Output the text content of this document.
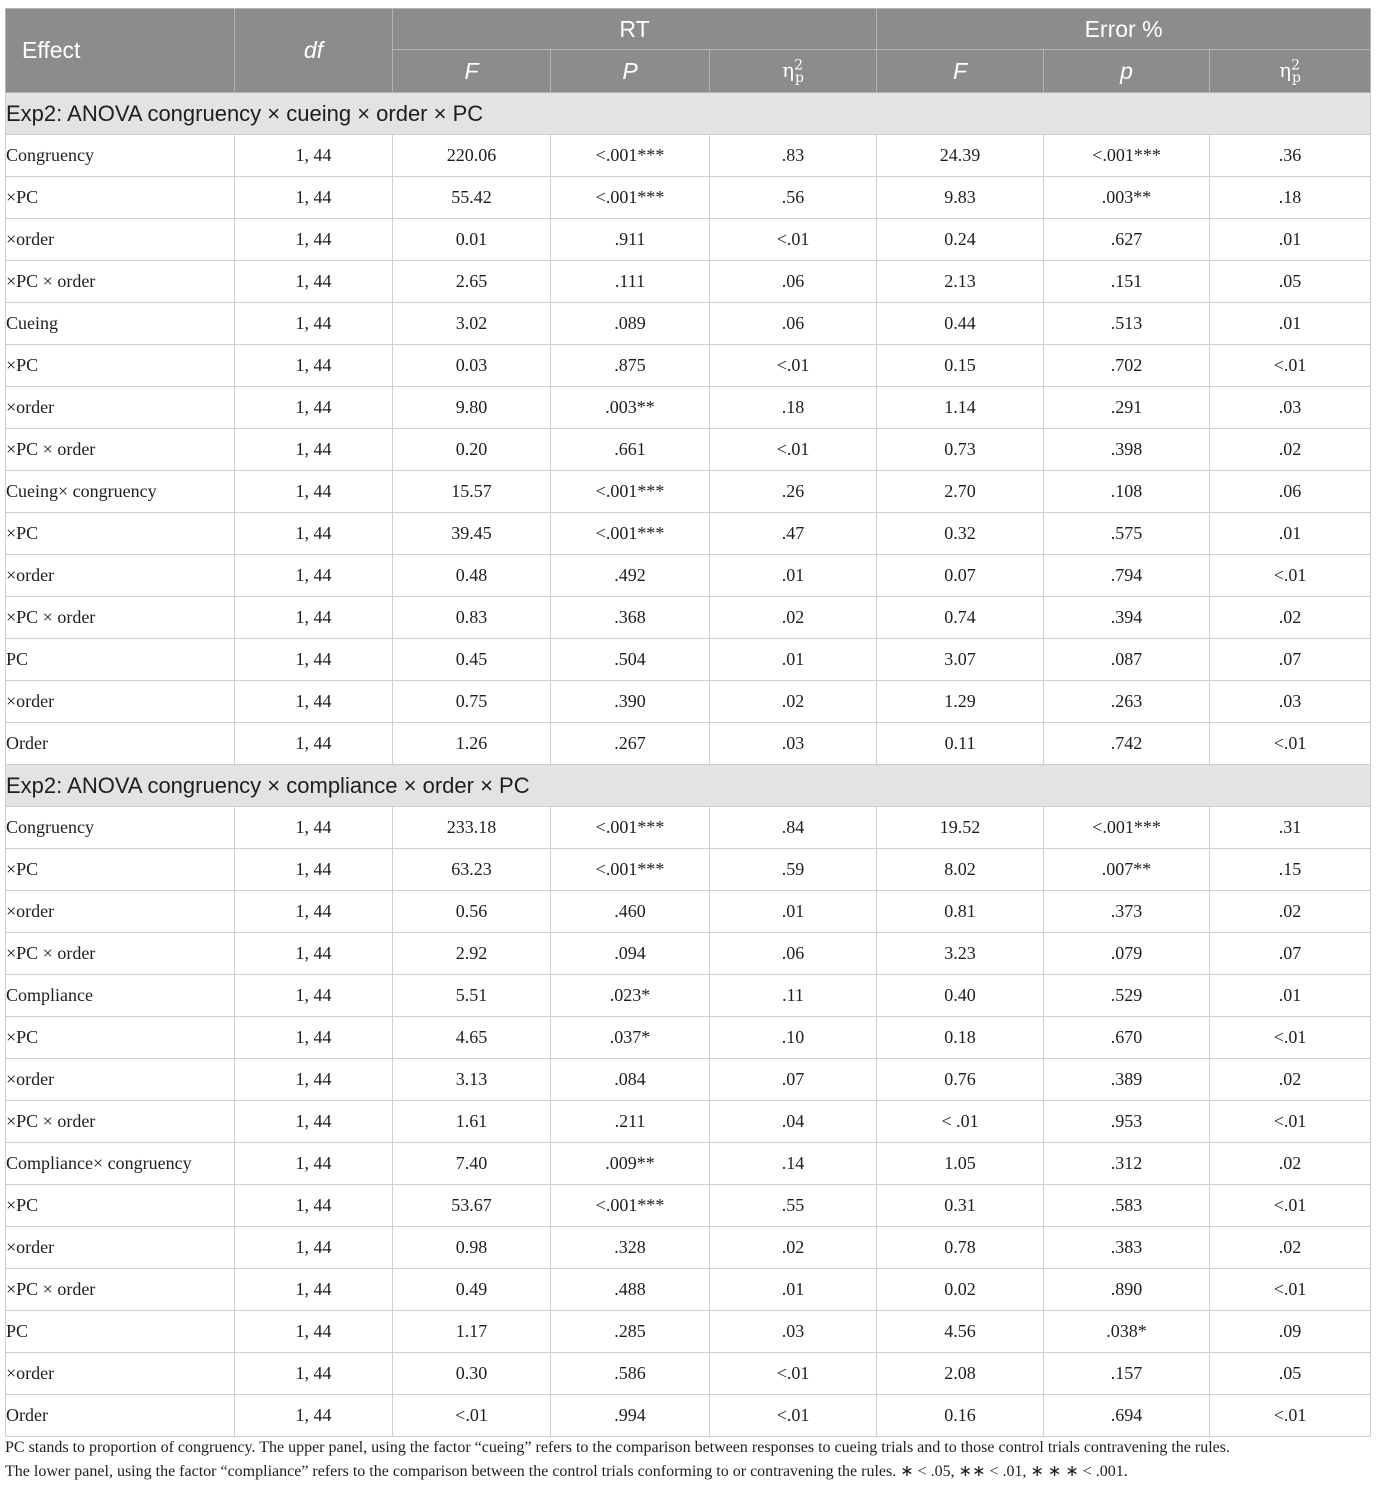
Effect	df	RT			Error %		
		F	P	$\eta^2_p$	F	p	$\eta^2_p$
Exp2: ANOVA congruency × cueing × order × PC							
Congruency	1, 44	220.06	<.001***	.83	24.39	<.001***	.36
×PC	1, 44	55.42	<.001***	.56	9.83	.003**	.18
×order	1, 44	0.01	.911	<.01	0.24	.627	.01
×PC × order	1, 44	2.65	.111	.06	2.13	.151	.05
Cueing	1, 44	3.02	.089	.06	0.44	.513	.01
×PC	1, 44	0.03	.875	<.01	0.15	.702	<.01
×order	1, 44	9.80	.003**	.18	1.14	.291	.03
×PC × order	1, 44	0.20	.661	<.01	0.73	.398	.02
Cueing× congruency	1, 44	15.57	<.001***	.26	2.70	.108	.06
×PC	1, 44	39.45	<.001***	.47	0.32	.575	.01
×order	1, 44	0.48	.492	.01	0.07	.794	<.01
×PC × order	1, 44	0.83	.368	.02	0.74	.394	.02
PC	1, 44	0.45	.504	.01	3.07	.087	.07
×order	1, 44	0.75	.390	.02	1.29	.263	.03
Order	1, 44	1.26	.267	.03	0.11	.742	<.01
Exp2: ANOVA congruency × compliance × order × PC							
Congruency	1, 44	233.18	<.001***	.84	19.52	<.001***	.31
×PC	1, 44	63.23	<.001***	.59	8.02	.007**	.15
×order	1, 44	0.56	.460	.01	0.81	.373	.02
×PC × order	1, 44	2.92	.094	.06	3.23	.079	.07
Compliance	1, 44	5.51	.023*	.11	0.40	.529	.01
×PC	1, 44	4.65	.037*	.10	0.18	.670	<.01
×order	1, 44	3.13	.084	.07	0.76	.389	.02
×PC × order	1, 44	1.61	.211	.04	< .01	.953	<.01
Compliance× congruency	1, 44	7.40	.009**	.14	1.05	.312	.02
×PC	1, 44	53.67	<.001***	.55	0.31	.583	<.01
×order	1, 44	0.98	.328	.02	0.78	.383	.02
×PC × order	1, 44	0.49	.488	.01	0.02	.890	<.01
PC	1, 44	1.17	.285	.03	4.56	.038*	.09
×order	1, 44	0.30	.586	<.01	2.08	.157	.05
Order	1, 44	<.01	.994	<.01	0.16	.694	<.01
PC stands to proportion of congruency. The upper panel, using the factor “cueing” refers to the comparison between responses to cueing trials and to those control trials contravening the rules.
The lower panel, using the factor “compliance” refers to the comparison between the control trials conforming to or contravening the rules. ∗ < .05, ∗∗ < .01, ∗ ∗ ∗ < .001.
